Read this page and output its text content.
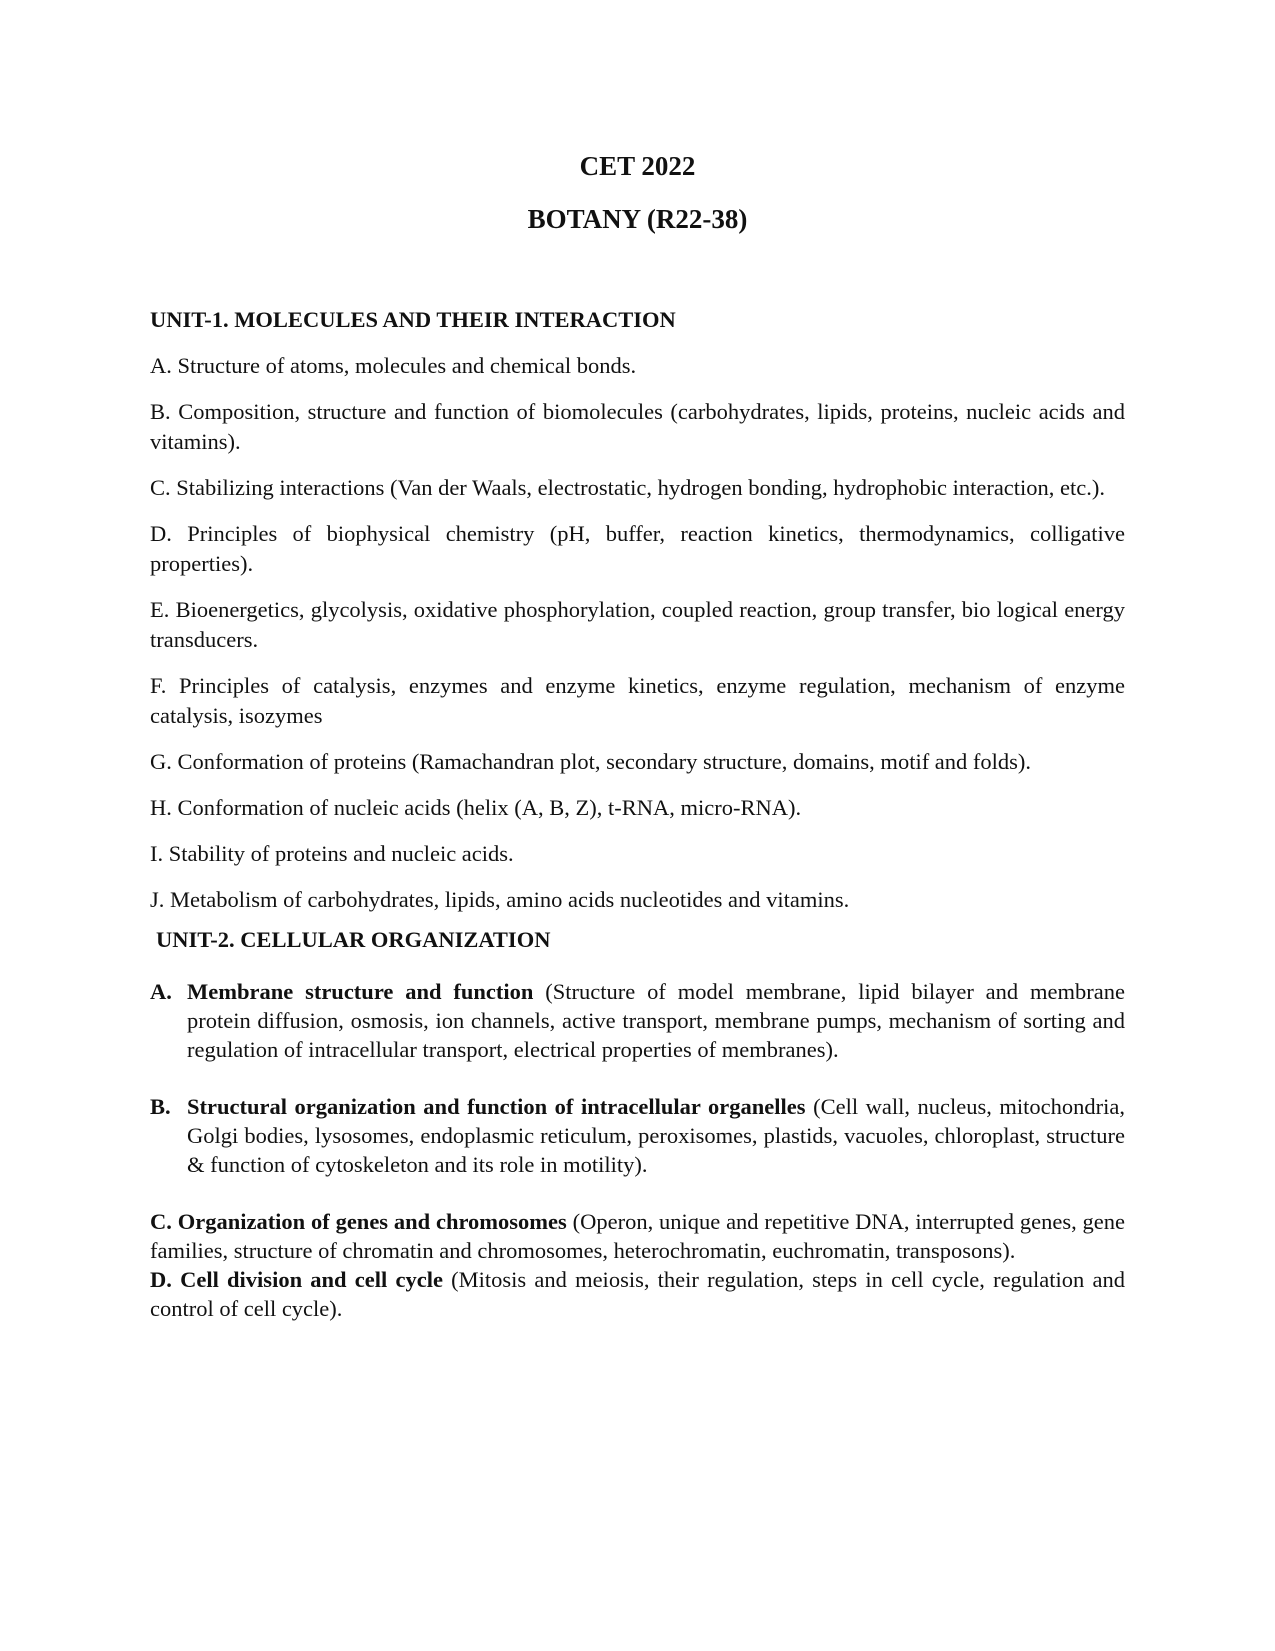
CET 2022
BOTANY (R22-38)
UNIT-1. MOLECULES AND THEIR INTERACTION
A. Structure of atoms, molecules and chemical bonds.
B. Composition, structure and function of biomolecules (carbohydrates, lipids, proteins, nucleic acids and vitamins).
C. Stabilizing interactions (Van der Waals, electrostatic, hydrogen bonding, hydrophobic interaction, etc.).
D. Principles of biophysical chemistry (pH, buffer, reaction kinetics, thermodynamics, colligative properties).
E. Bioenergetics, glycolysis, oxidative phosphorylation, coupled reaction, group transfer, bio logical energy transducers.
F. Principles of catalysis, enzymes and enzyme kinetics, enzyme regulation, mechanism of enzyme catalysis, isozymes
G. Conformation of proteins (Ramachandran plot, secondary structure, domains, motif and folds).
H. Conformation of nucleic acids (helix (A, B, Z), t-RNA, micro-RNA).
I. Stability of proteins and nucleic acids.
J. Metabolism of carbohydrates, lipids, amino acids nucleotides and vitamins.
UNIT-2. CELLULAR ORGANIZATION
A. Membrane structure and function (Structure of model membrane, lipid bilayer and membrane protein diffusion, osmosis, ion channels, active transport, membrane pumps, mechanism of sorting and regulation of intracellular transport, electrical properties of membranes).
B. Structural organization and function of intracellular organelles (Cell wall, nucleus, mitochondria, Golgi bodies, lysosomes, endoplasmic reticulum, peroxisomes, plastids, vacuoles, chloroplast, structure & function of cytoskeleton and its role in motility).

C. Organization of genes and chromosomes (Operon, unique and repetitive DNA, interrupted genes, gene families, structure of chromatin and chromosomes, heterochromatin, euchromatin, transposons).

D. Cell division and cell cycle (Mitosis and meiosis, their regulation, steps in cell cycle, regulation and control of cell cycle).
